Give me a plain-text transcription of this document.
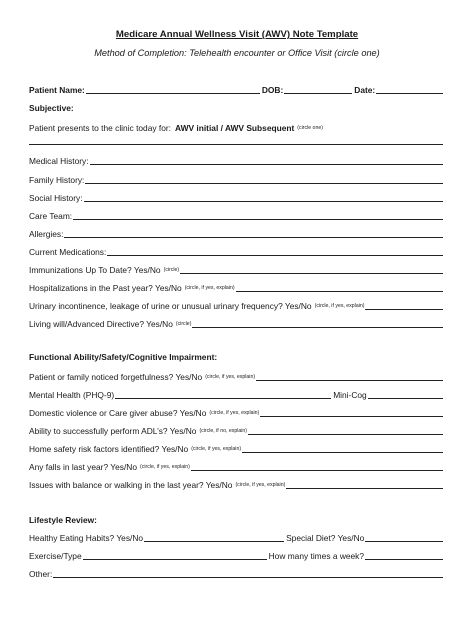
Medicare Annual Wellness Visit (AWV) Note Template
Method of Completion: Telehealth encounter or Office Visit (circle one)
Patient Name:	DOB:	Date:
Subjective:
Patient presents to the clinic today for: AWV initial / AWV Subsequent (circle one)
Medical History:
Family History:
Social History:
Care Team:
Allergies:
Current Medications:
Immunizations Up To Date? Yes/No (circle)
Hospitalizations in the Past year? Yes/No (circle, if yes, explain)
Urinary incontinence, leakage of urine or unusual urinary frequency? Yes/No (circle, if yes, explain)
Living will/Advanced Directive? Yes/No (circle)
Functional Ability/Safety/Cognitive Impairment:
Patient or family noticed forgetfulness? Yes/No (circle, if yes, explain)
Mental Health (PHQ-9)	Mini-Cog
Domestic violence or Care giver abuse? Yes/No (circle, if yes, explain)
Ability to successfully perform ADL’s? Yes/No (circle, if no, explain)
Home safety risk factors identified? Yes/No (circle, if yes, explain)
Any falls in last year? Yes/No (circle, if yes, explain)
Issues with balance or walking in the last year? Yes/No (circle, if yes, explain)
Lifestyle Review:
Healthy Eating Habits? Yes/No	Special Diet? Yes/No
Exercise/Type	How many times a week?
Other:
